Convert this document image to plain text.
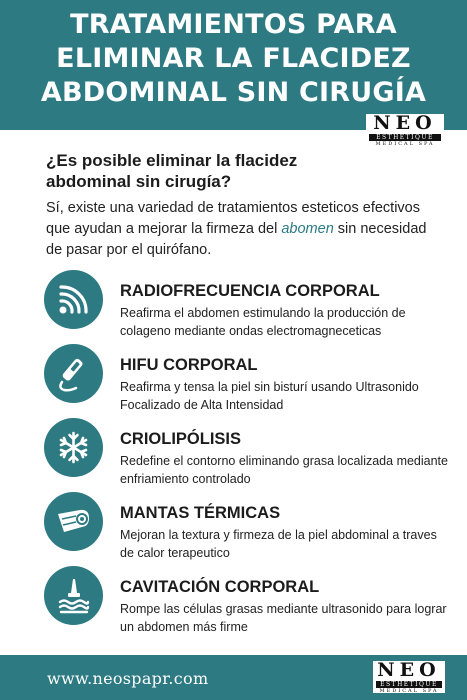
TRATAMIENTOS PARA
ELIMINAR LA FLACIDEZ
ABDOMINAL SIN CIRUGÍA
NEO
ESTHETIQUE
MEDICAL SPA
¿Es posible eliminar la flacidez abdominal sin cirugía?
Sí, existe una variedad de tratamientos esteticos efectivos que ayudan a mejorar la firmeza del abomen sin necesidad de pasar por el quirófano.
RADIOFRECUENCIA CORPORAL
Reafirma el abdomen estimulando la producción de colageno mediante ondas electromagneceticas
HIFU CORPORAL
Reafirma y tensa la piel sin bisturí usando Ultrasonido Focalizado de Alta Intensidad
CRIOLIPÓLISIS
Redefine el contorno eliminando grasa localizada mediante enfriamiento controlado
MANTAS TÉRMICAS
Mejoran la textura y firmeza de la piel abdominal a traves de calor terapeutico
CAVITACIÓN CORPORAL
Rompe las células grasas mediante ultrasonido para lograr un abdomen más firme
www.neospapr.com	NEO
ESTHETIQUE
MEDICAL SPA
